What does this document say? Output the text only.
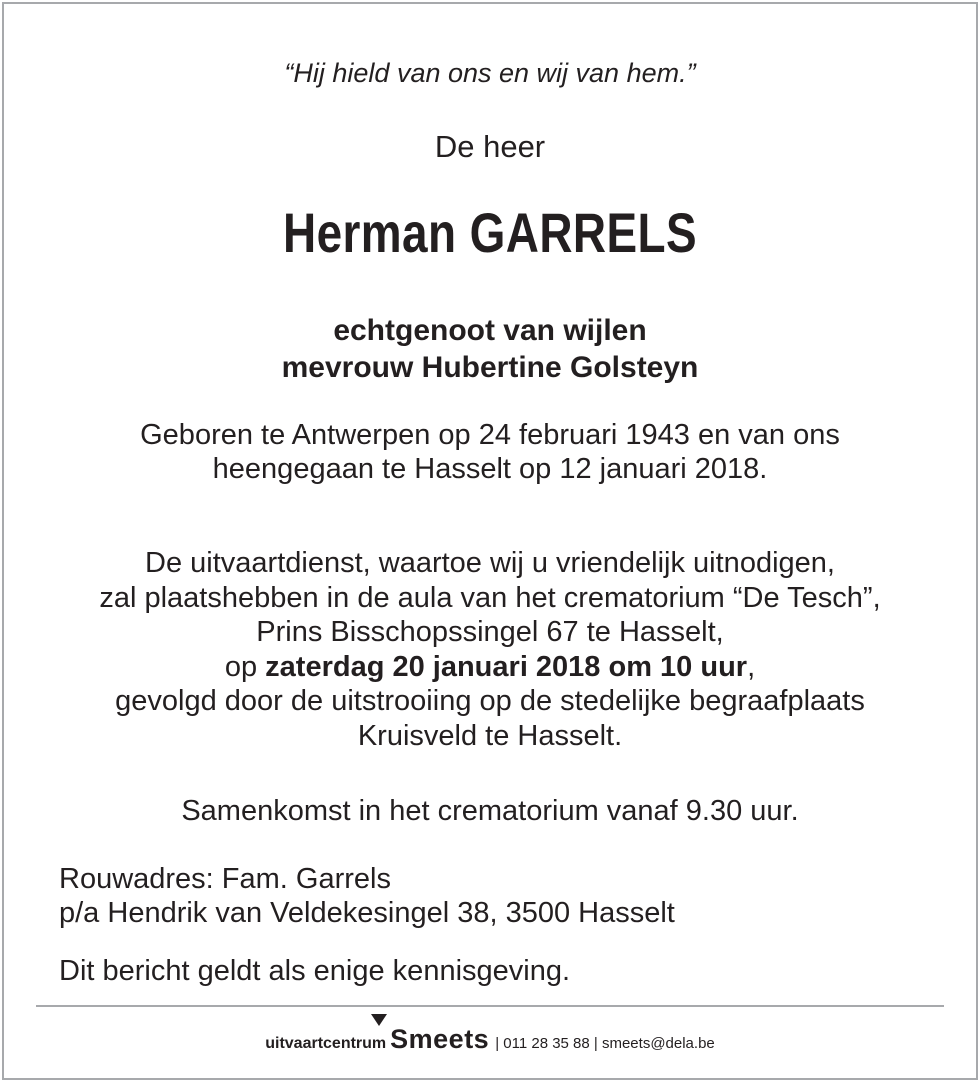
“Hij hield van ons en wij van hem.”
De heer
Herman GARRELS
echtgenoot van wijlen
mevrouw Hubertine Golsteyn
Geboren te Antwerpen op 24 februari 1943 en van ons
heengegaan te Hasselt op 12 januari 2018.
De uitvaartdienst, waartoe wij u vriendelijk uitnodigen,
zal plaatshebben in de aula van het crematorium “De Tesch”,
Prins Bisschopssingel 67 te Hasselt,
op zaterdag 20 januari 2018 om 10 uur,
gevolgd door de uitstrooiing op de stedelijke begraafplaats
Kruisveld te Hasselt.
Samenkomst in het crematorium vanaf 9.30 uur.
Rouwadres: Fam. Garrels
p/a Hendrik van Veldekesingel 38, 3500 Hasselt
Dit bericht geldt als enige kennisgeving.
uitvaartcentrum Smeets | 011 28 35 88 | smeets@dela.be
